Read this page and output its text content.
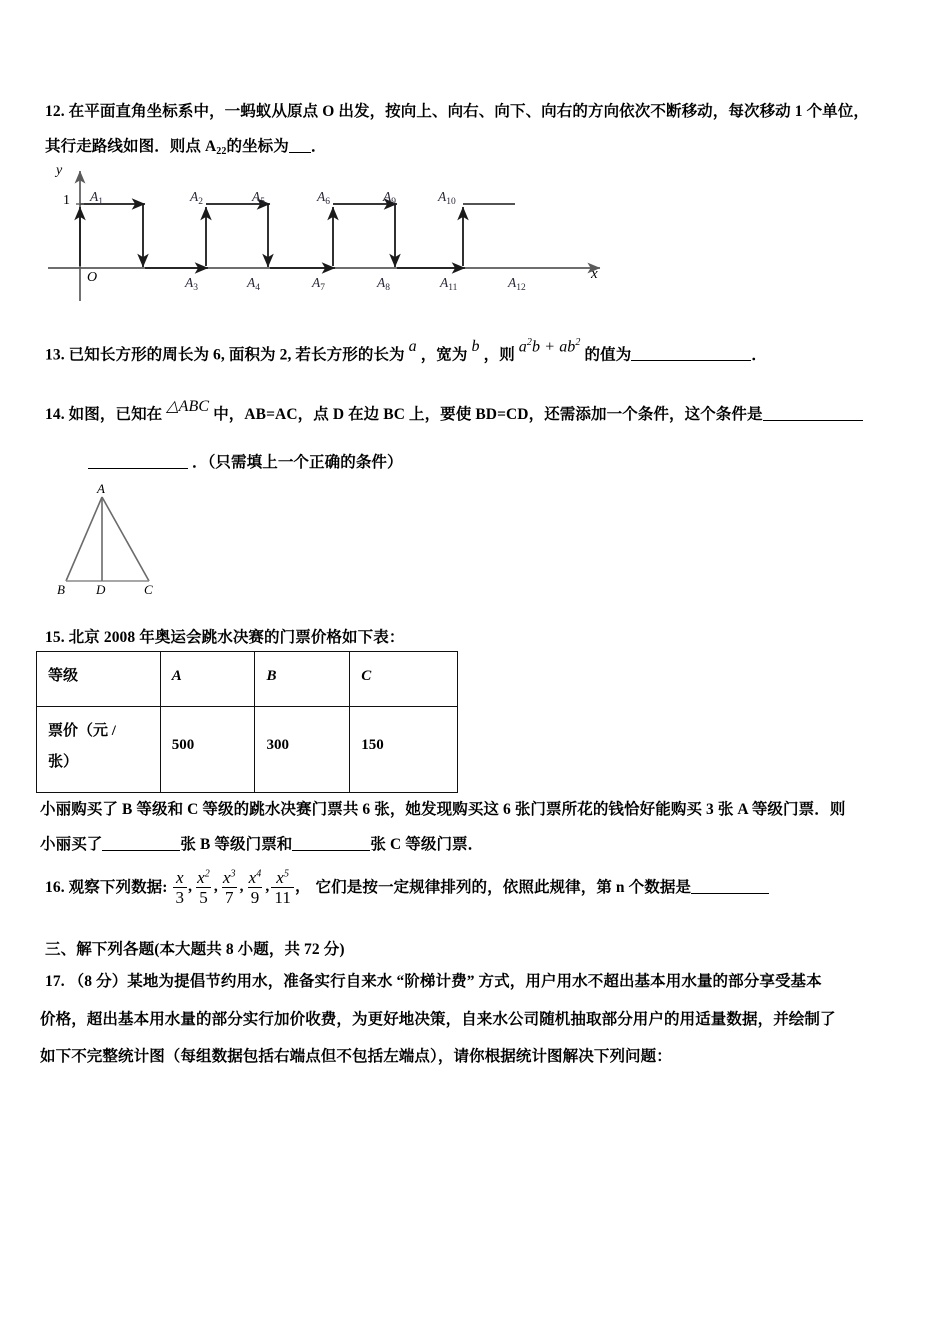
12. 在平面直角坐标系中，一蚂蚁从原点 O 出发，按向上、向右、向下、向右的方向依次不断移动，每次移动 1 个单位，
其行走路线如图．则点 $A_{22}$的坐标为 ．
y
x
O
1 $A_1$	$A_2$	$A_5$	$A_6$	$A_9$	$A_{10}$
$A_3$	$A_4$	$A_7$	$A_8$	$A_{11}$	$A_{12}$
13. 已知长方形的周长为 6, 面积为 2, 若长方形的长为 a ，宽为 b ，则 $a^2b + ab^2$ 的值为	．
14. 如图，已知在 △ABC 中，AB=AC，点 D 在边 BC 上，要使 BD=CD，还需添加一个条件，这个条件是
．（只需填上一个正确的条件）
A
B D	C
15. 北京 2008 年奥运会跳水决赛的门票价格如下表：
等级	A	B	C
票价（元 /
张）	500	300	150
小丽购买了 B 等级和 C 等级的跳水决赛门票共 6 张，她发现购买这 6 张门票所花的钱恰好能购买 3 张 A 等级门票．则
小丽买了	张 B 等级门票和	张 C 等级门票．
16. 观察下列数据: $\frac{x}{3}$ , $\frac{x^2}{5}$ , $\frac{x^3}{7}$ , $\frac{x^4}{9}$ , $\frac{x^5}{11}$ ， 它们是按一定规律排列的，依照此规律，第 n 个数据是
三、解下列各题(本大题共 8 小题，共 72 分)
17. （8 分）某地为提倡节约用水，准备实行自来水 “阶梯计费” 方式，用户用水不超出基本用水量的部分享受基本
价格，超出基本用水量的部分实行加价收费，为更好地决策，自来水公司随机抽取部分用户的用适量数据，并绘制了
如下不完整统计图（每组数据包括右端点但不包括左端点），请你根据统计图解决下列问题：
